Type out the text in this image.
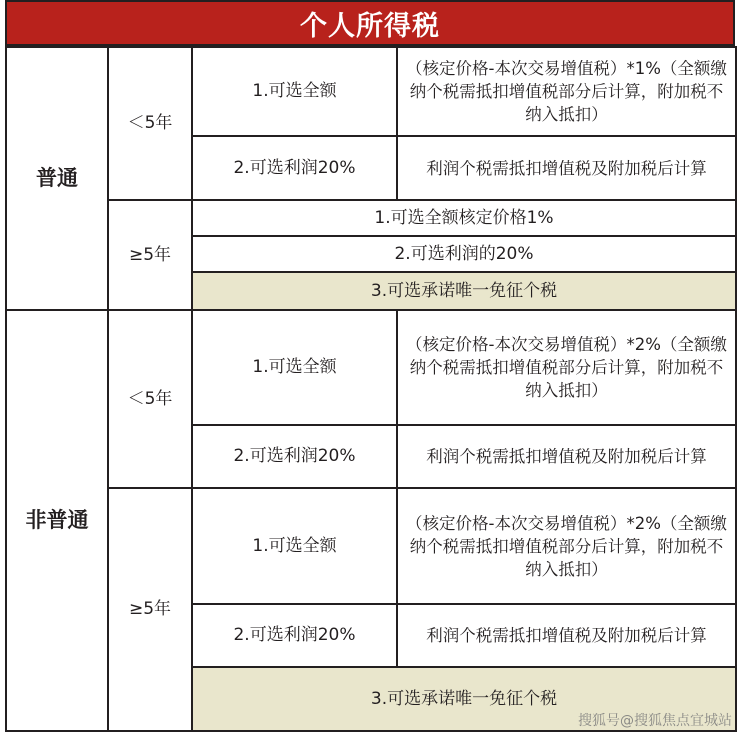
个人所得税
普通	＜5年	1.可选全额	（核定价格-本次交易增值税）*1%（全额缴纳个税需抵扣增值税部分后计算，附加税不纳入抵扣）
		2.可选利润20%	利润个税需抵扣增值税及附加税后计算
	≥5年	1.可选全额核定价格1%	
		2.可选利润的20%	
		3.可选承诺唯一免征个税	
非普通	＜5年	1.可选全额	（核定价格-本次交易增值税）*2%（全额缴纳个税需抵扣增值税部分后计算，附加税不纳入抵扣）
		2.可选利润20%	利润个税需抵扣增值税及附加税后计算
	≥5年	1.可选全额	（核定价格-本次交易增值税）*2%（全额缴纳个税需抵扣增值税部分后计算，附加税不纳入抵扣）
		2.可选利润20%	利润个税需抵扣增值税及附加税后计算
		3.可选承诺唯一免征个税	
搜狐号@搜狐焦点宜城站
